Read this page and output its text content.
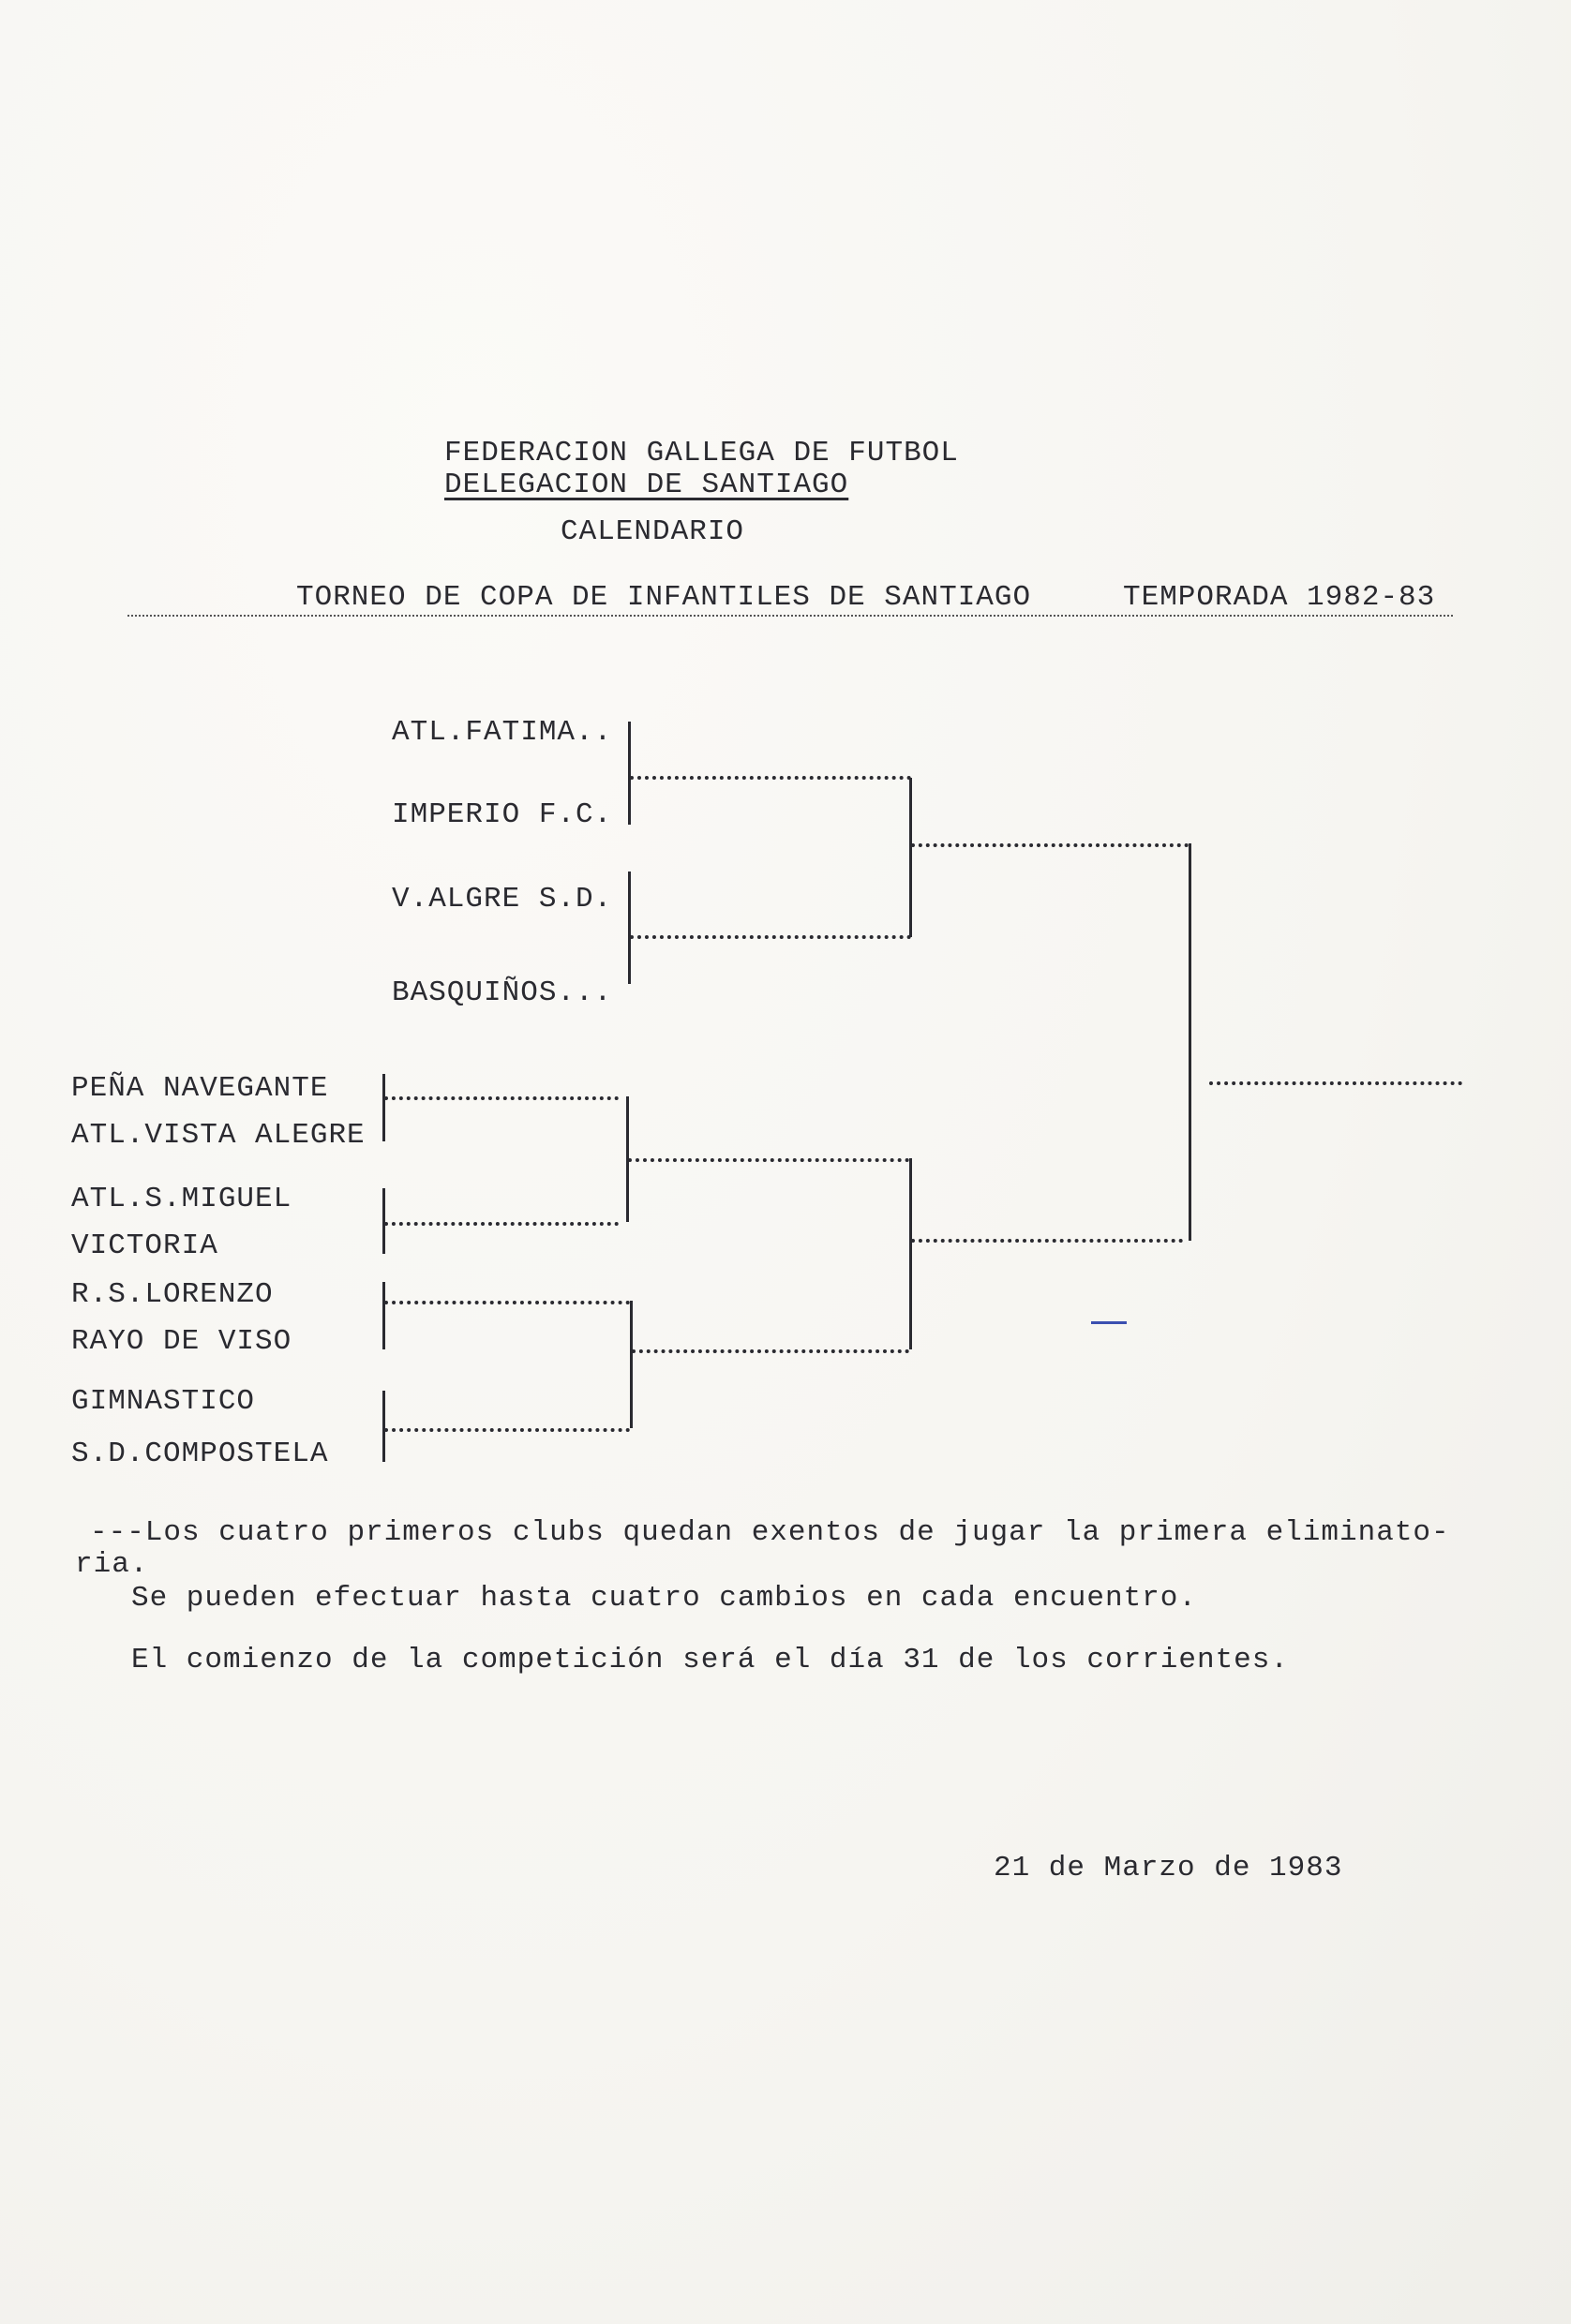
FEDERACION GALLEGA DE FUTBOL
DELEGACION DE SANTIAGO
CALENDARIO
TORNEO DE COPA DE INFANTILES DE SANTIAGO	TEMPORADA 1982-83
ATL.FATIMA..
IMPERIO F.C.
V.ALGRE S.D.
BASQUIÑOS...
PEÑA NAVEGANTE
ATL.VISTA ALEGRE
ATL.S.MIGUEL
VICTORIA
R.S.LORENZO
RAYO DE VISO
GIMNASTICO
S.D.COMPOSTELA
---Los cuatro primeros clubs quedan exentos de jugar la primera eliminato-
ria.
Se pueden efectuar hasta cuatro cambios en cada encuentro.
El comienzo de la competición será el día 31 de los corrientes.
21 de Marzo de 1983
